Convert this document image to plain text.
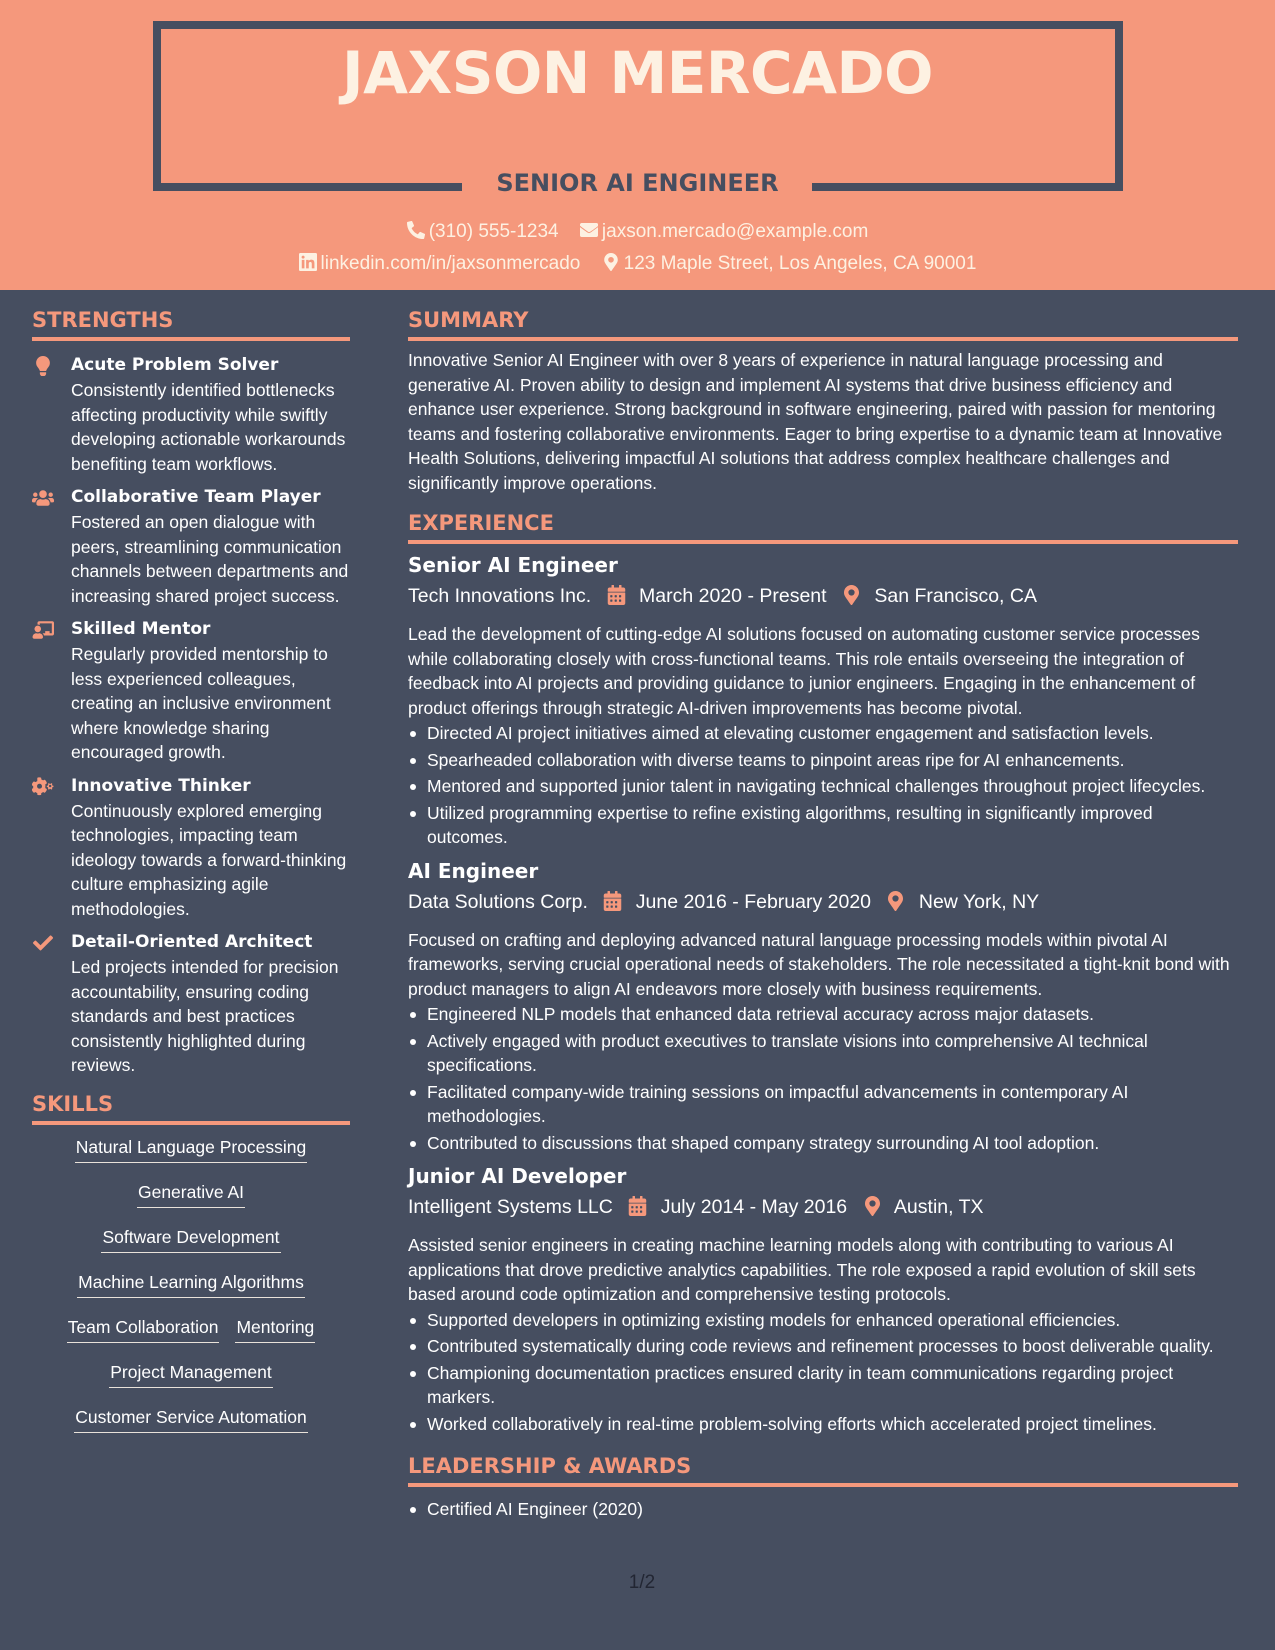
JAXSON MERCADO
SENIOR AI ENGINEER
(310) 555-1234 jaxson.mercado@example.com
linkedin.com/in/jaxsonmercado 123 Maple Street, Los Angeles, CA 90001
STRENGTHS
Acute Problem Solver
Consistently identified bottlenecks affecting productivity while swiftly developing actionable workarounds benefiting team workflows.
Collaborative Team Player
Fostered an open dialogue with peers, streamlining communication channels between departments and increasing shared project success.
Skilled Mentor
Regularly provided mentorship to less experienced colleagues, creating an inclusive environment where knowledge sharing encouraged growth.
Innovative Thinker
Continuously explored emerging technologies, impacting team ideology towards a forward-thinking culture emphasizing agile methodologies.
Detail-Oriented Architect
Led projects intended for precision accountability, ensuring coding standards and best practices consistently highlighted during reviews.
SKILLS
Natural Language Processing
Generative AI
Software Development
Machine Learning Algorithms
Team Collaboration Mentoring
Project Management
Customer Service Automation
SUMMARY
Innovative Senior AI Engineer with over 8 years of experience in natural language processing and generative AI. Proven ability to design and implement AI systems that drive business efficiency and enhance user experience. Strong background in software engineering, paired with passion for mentoring teams and fostering collaborative environments. Eager to bring expertise to a dynamic team at Innovative Health Solutions, delivering impactful AI solutions that address complex healthcare challenges and significantly improve operations.
EXPERIENCE
Senior AI Engineer
Tech Innovations Inc. March 2020 - Present San Francisco, CA
Lead the development of cutting-edge AI solutions focused on automating customer service processes while collaborating closely with cross-functional teams. This role entails overseeing the integration of feedback into AI projects and providing guidance to junior engineers. Engaging in the enhancement of product offerings through strategic AI-driven improvements has become pivotal.
Directed AI project initiatives aimed at elevating customer engagement and satisfaction levels.
Spearheaded collaboration with diverse teams to pinpoint areas ripe for AI enhancements.
Mentored and supported junior talent in navigating technical challenges throughout project lifecycles.
Utilized programming expertise to refine existing algorithms, resulting in significantly improved outcomes.
AI Engineer
Data Solutions Corp. June 2016 - February 2020 New York, NY
Focused on crafting and deploying advanced natural language processing models within pivotal AI frameworks, serving crucial operational needs of stakeholders. The role necessitated a tight-knit bond with product managers to align AI endeavors more closely with business requirements.
Engineered NLP models that enhanced data retrieval accuracy across major datasets.
Actively engaged with product executives to translate visions into comprehensive AI technical specifications.
Facilitated company-wide training sessions on impactful advancements in contemporary AI methodologies.
Contributed to discussions that shaped company strategy surrounding AI tool adoption.
Junior AI Developer
Intelligent Systems LLC July 2014 - May 2016 Austin, TX
Assisted senior engineers in creating machine learning models along with contributing to various AI applications that drove predictive analytics capabilities. The role exposed a rapid evolution of skill sets based around code optimization and comprehensive testing protocols.
Supported developers in optimizing existing models for enhanced operational efficiencies.
Contributed systematically during code reviews and refinement processes to boost deliverable quality.
Championing documentation practices ensured clarity in team communications regarding project markers.
Worked collaboratively in real-time problem-solving efforts which accelerated project timelines.
LEADERSHIP & AWARDS
Certified AI Engineer (2020)
1/2
